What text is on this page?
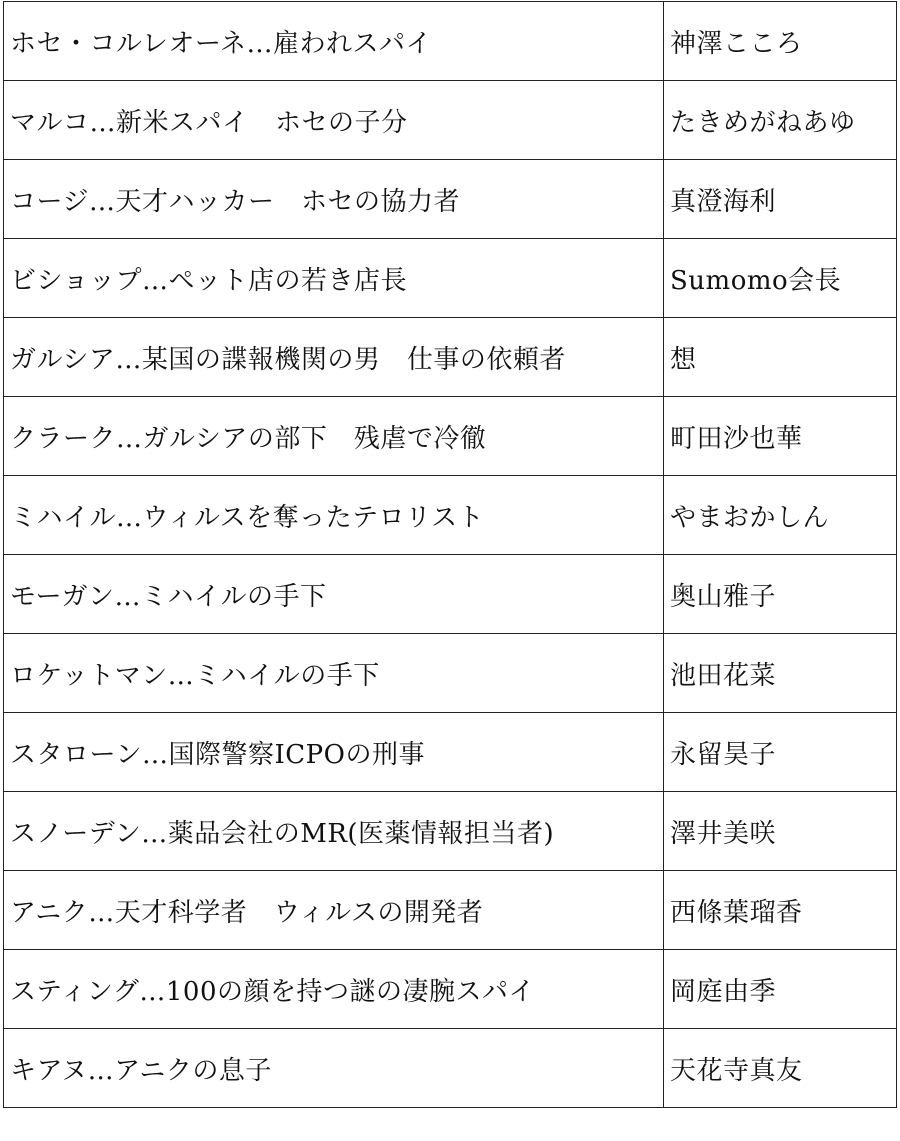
ホセ・コルレオーネ…雇われスパイ	神澤こころ
マルコ…新米スパイ　ホセの子分	たきめがねあゆ
コージ…天才ハッカー　ホセの協力者	真澄海利
ビショップ…ペット店の若き店長	Sumomo会長
ガルシア…某国の諜報機関の男　仕事の依頼者	想
クラーク…ガルシアの部下　残虐で冷徹	町田沙也華
ミハイル…ウィルスを奪ったテロリスト	やまおかしん
モーガン…ミハイルの手下	奥山雅子
ロケットマン…ミハイルの手下	池田花菜
スタローン…国際警察ICPOの刑事	永留昊子
スノーデン…薬品会社のMR(医薬情報担当者)	澤井美咲
アニク…天才科学者　ウィルスの開発者	西條葉瑠香
スティング…100の顔を持つ謎の凄腕スパイ	岡庭由季
キアヌ…アニクの息子	天花寺真友
